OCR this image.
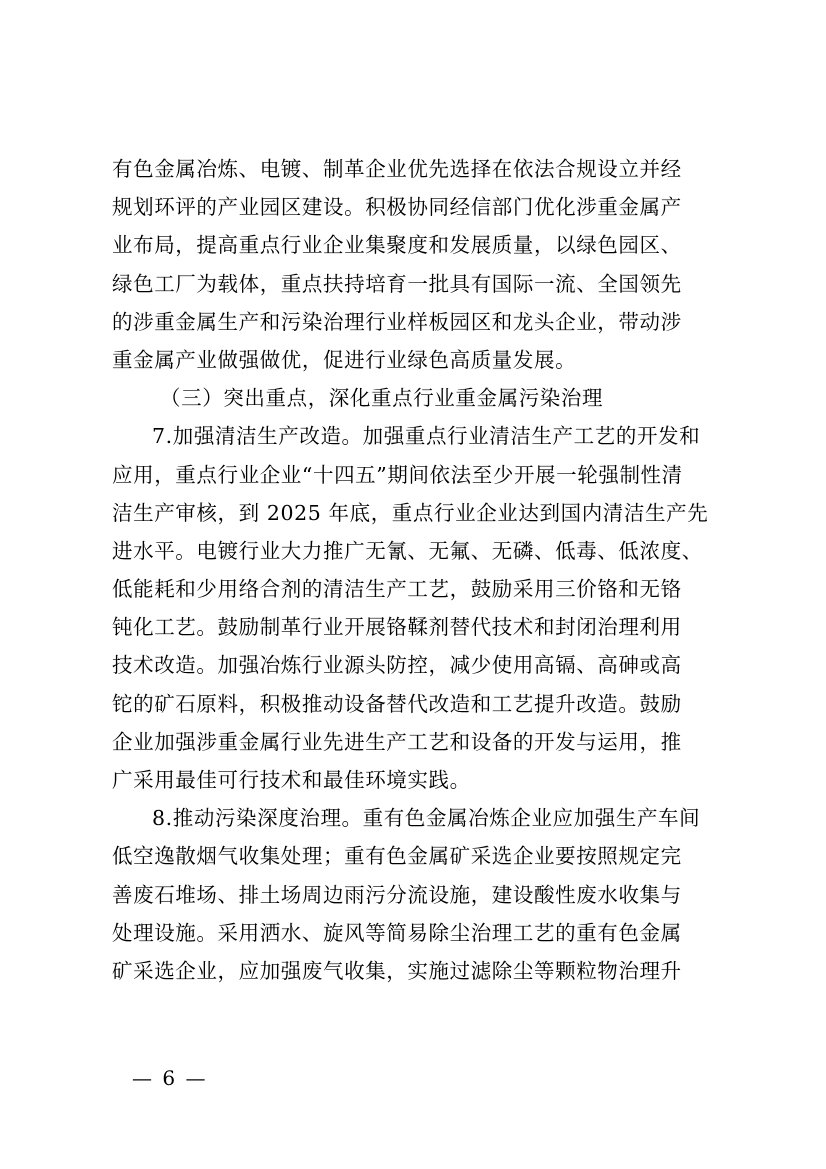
有色金属冶炼、电镀、制革企业优先选择在依法合规设立并经
规划环评的产业园区建设。积极协同经信部门优化涉重金属产
业布局，提高重点行业企业集聚度和发展质量，以绿色园区、
绿色工厂为载体，重点扶持培育一批具有国际一流、全国领先
的涉重金属生产和污染治理行业样板园区和龙头企业，带动涉
重金属产业做强做优，促进行业绿色高质量发展。
（三）突出重点，深化重点行业重金属污染治理
7.加强清洁生产改造。加强重点行业清洁生产工艺的开发和
应用，重点行业企业“十四五”期间依法至少开展一轮强制性清
洁生产审核，到 2025 年底，重点行业企业达到国内清洁生产先
进水平。电镀行业大力推广无氰、无氟、无磷、低毒、低浓度、
低能耗和少用络合剂的清洁生产工艺，鼓励采用三价铬和无铬
钝化工艺。鼓励制革行业开展铬鞣剂替代技术和封闭治理利用
技术改造。加强冶炼行业源头防控，减少使用高镉、高砷或高
铊的矿石原料，积极推动设备替代改造和工艺提升改造。鼓励
企业加强涉重金属行业先进生产工艺和设备的开发与运用，推
广采用最佳可行技术和最佳环境实践。
8.推动污染深度治理。重有色金属冶炼企业应加强生产车间
低空逸散烟气收集处理；重有色金属矿采选企业要按照规定完
善废石堆场、排土场周边雨污分流设施，建设酸性废水收集与
处理设施。采用洒水、旋风等简易除尘治理工艺的重有色金属
矿采选企业，应加强废气收集，实施过滤除尘等颗粒物治理升
— 6 —
